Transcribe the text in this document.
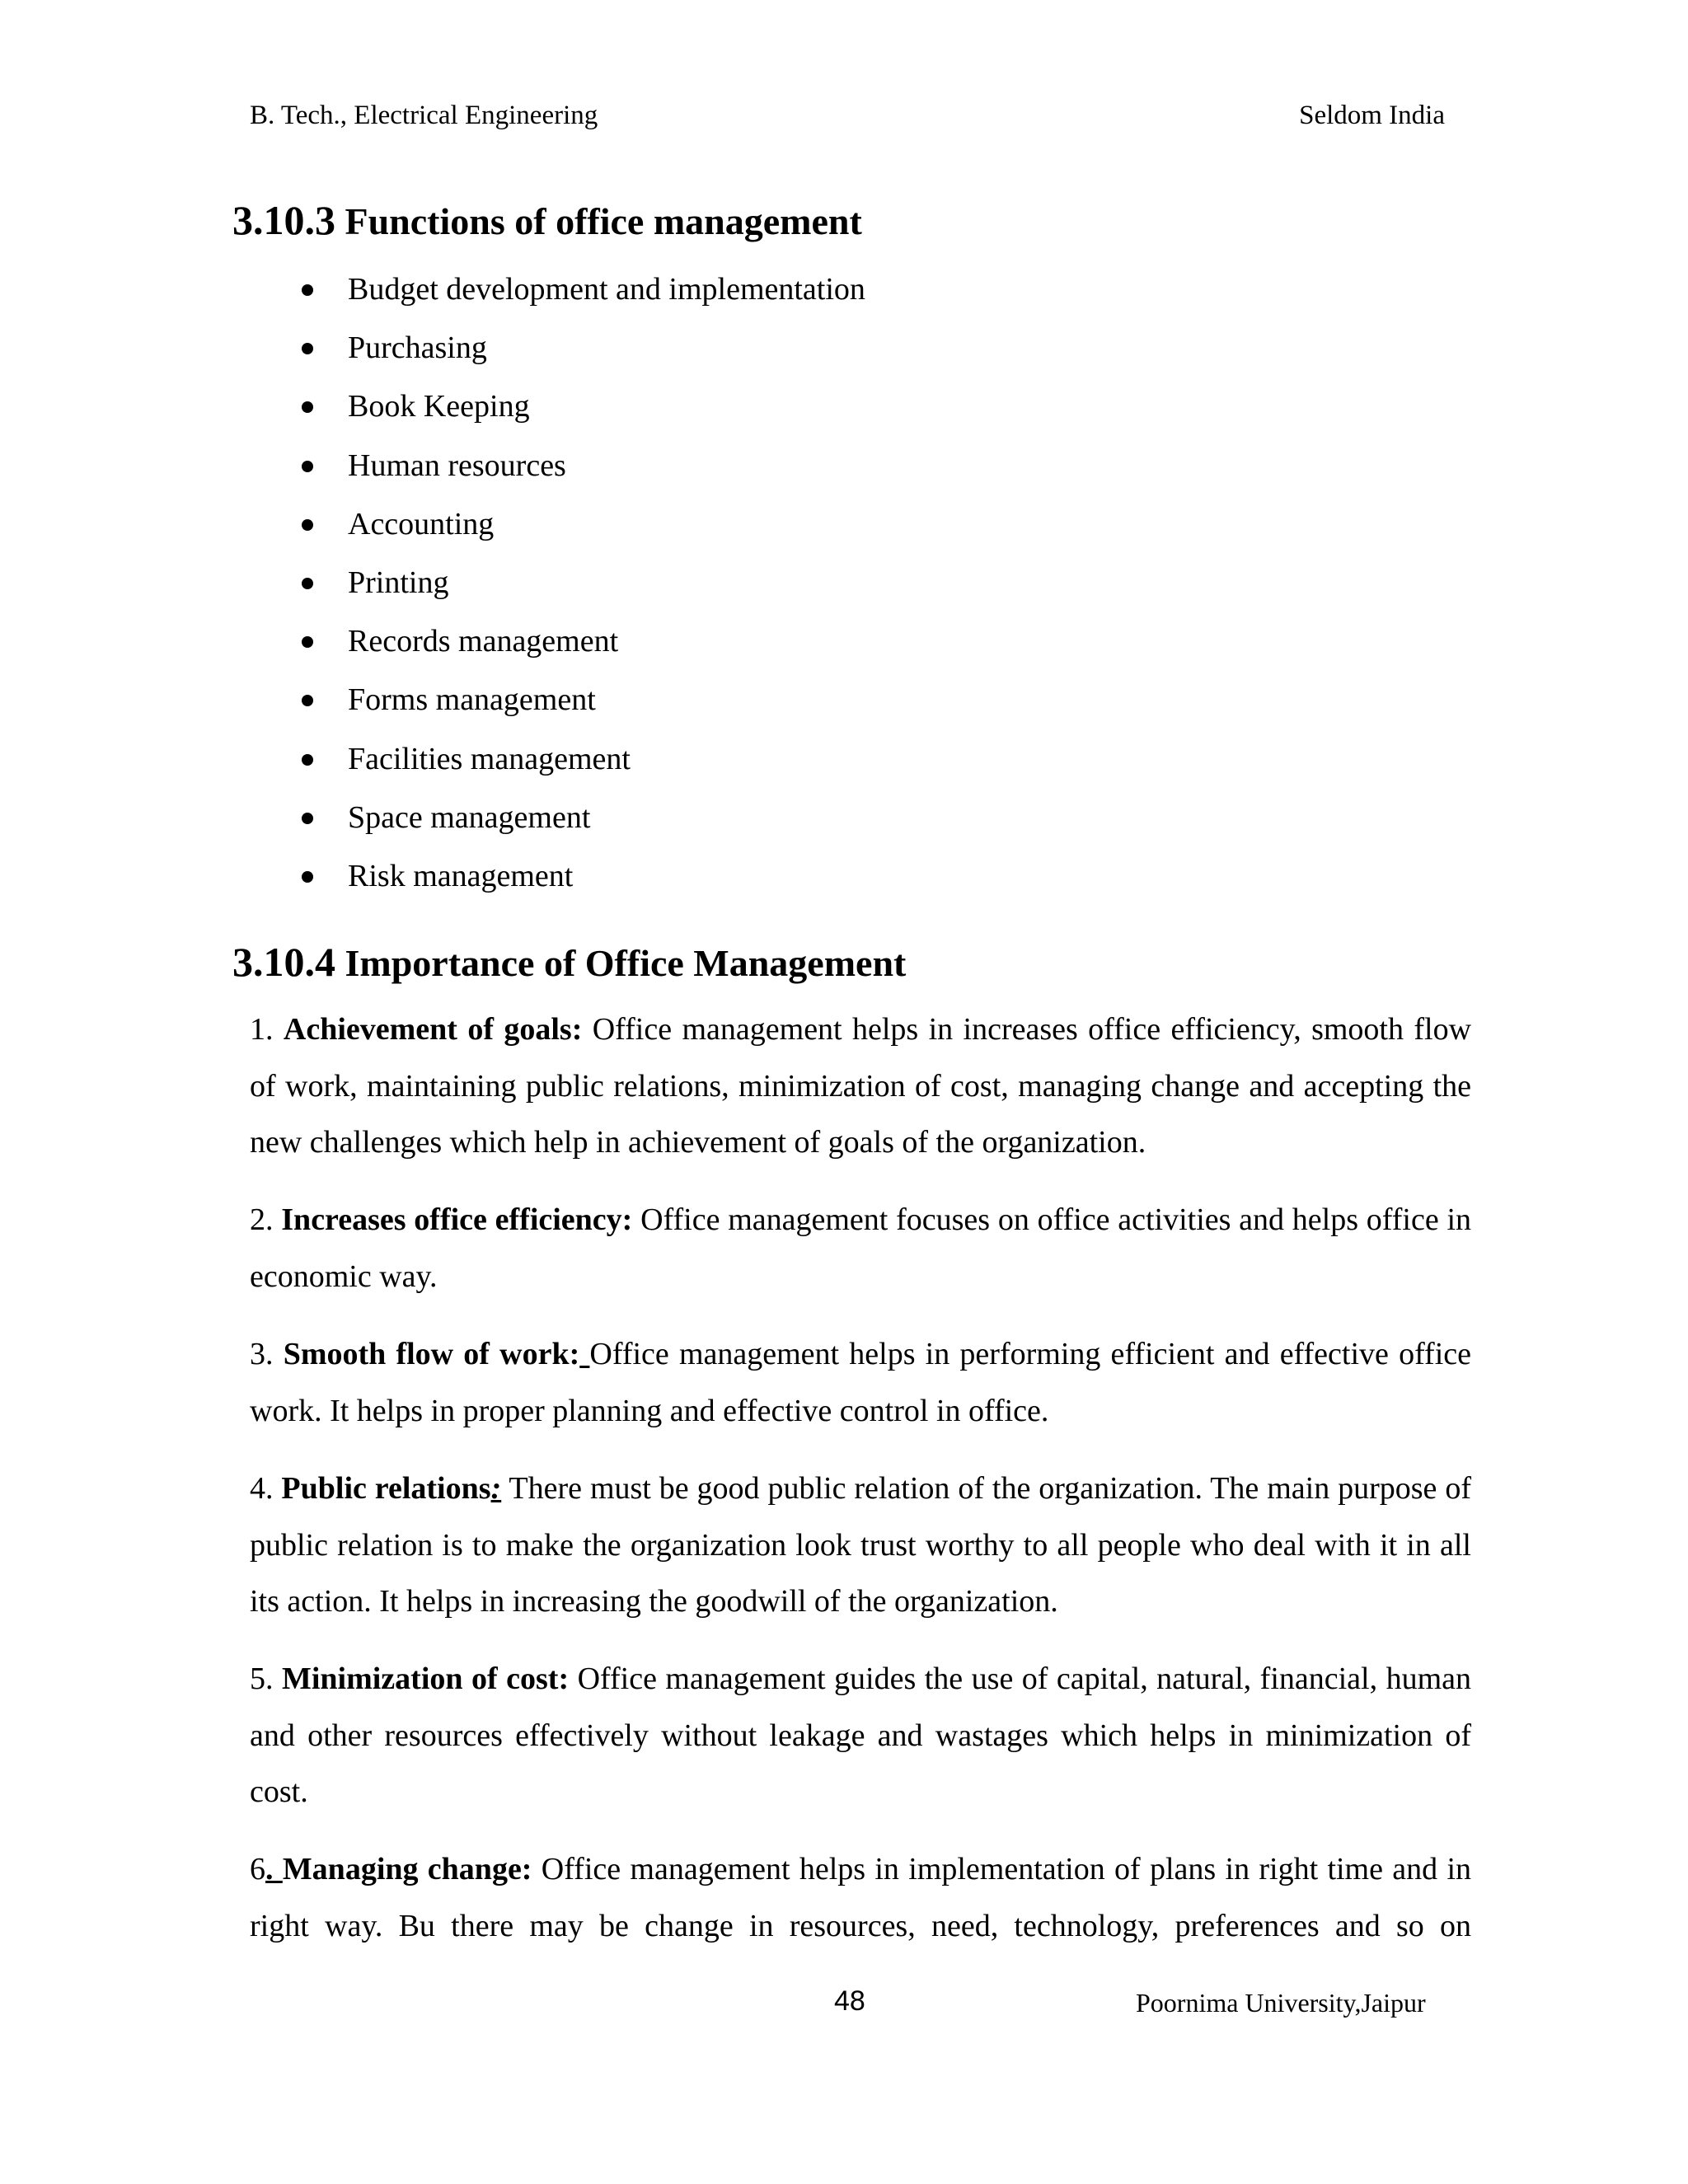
B. Tech., Electrical Engineering	Seldom India
3.10.3 Functions of office management
Budget development and implementation
Purchasing
Book Keeping
Human resources
Accounting
Printing
Records management
Forms management
Facilities management
Space management
Risk management
3.10.4 Importance of Office Management
1. Achievement of goals: Office management helps in increases office efficiency, smooth flow of work, maintaining public relations, minimization of cost, managing change and accepting the new challenges which help in achievement of goals of the organization.
2. Increases office efficiency: Office management focuses on office activities and helps office in economic way.
3. Smooth flow of work: Office management helps in performing efficient and effective office work. It helps in proper planning and effective control in office.
4. Public relations: There must be good public relation of the organization. The main purpose of public relation is to make the organization look trust worthy to all people who deal with it in all its action. It helps in increasing the goodwill of the organization.
5. Minimization of cost: Office management guides the use of capital, natural, financial, human and other resources effectively without leakage and wastages which helps in minimization of cost.
6. Managing change: Office management helps in implementation of plans in right time and in right way. Bu there may be change in resources, need, technology, preferences and so on
48	Poornima University,Jaipur
